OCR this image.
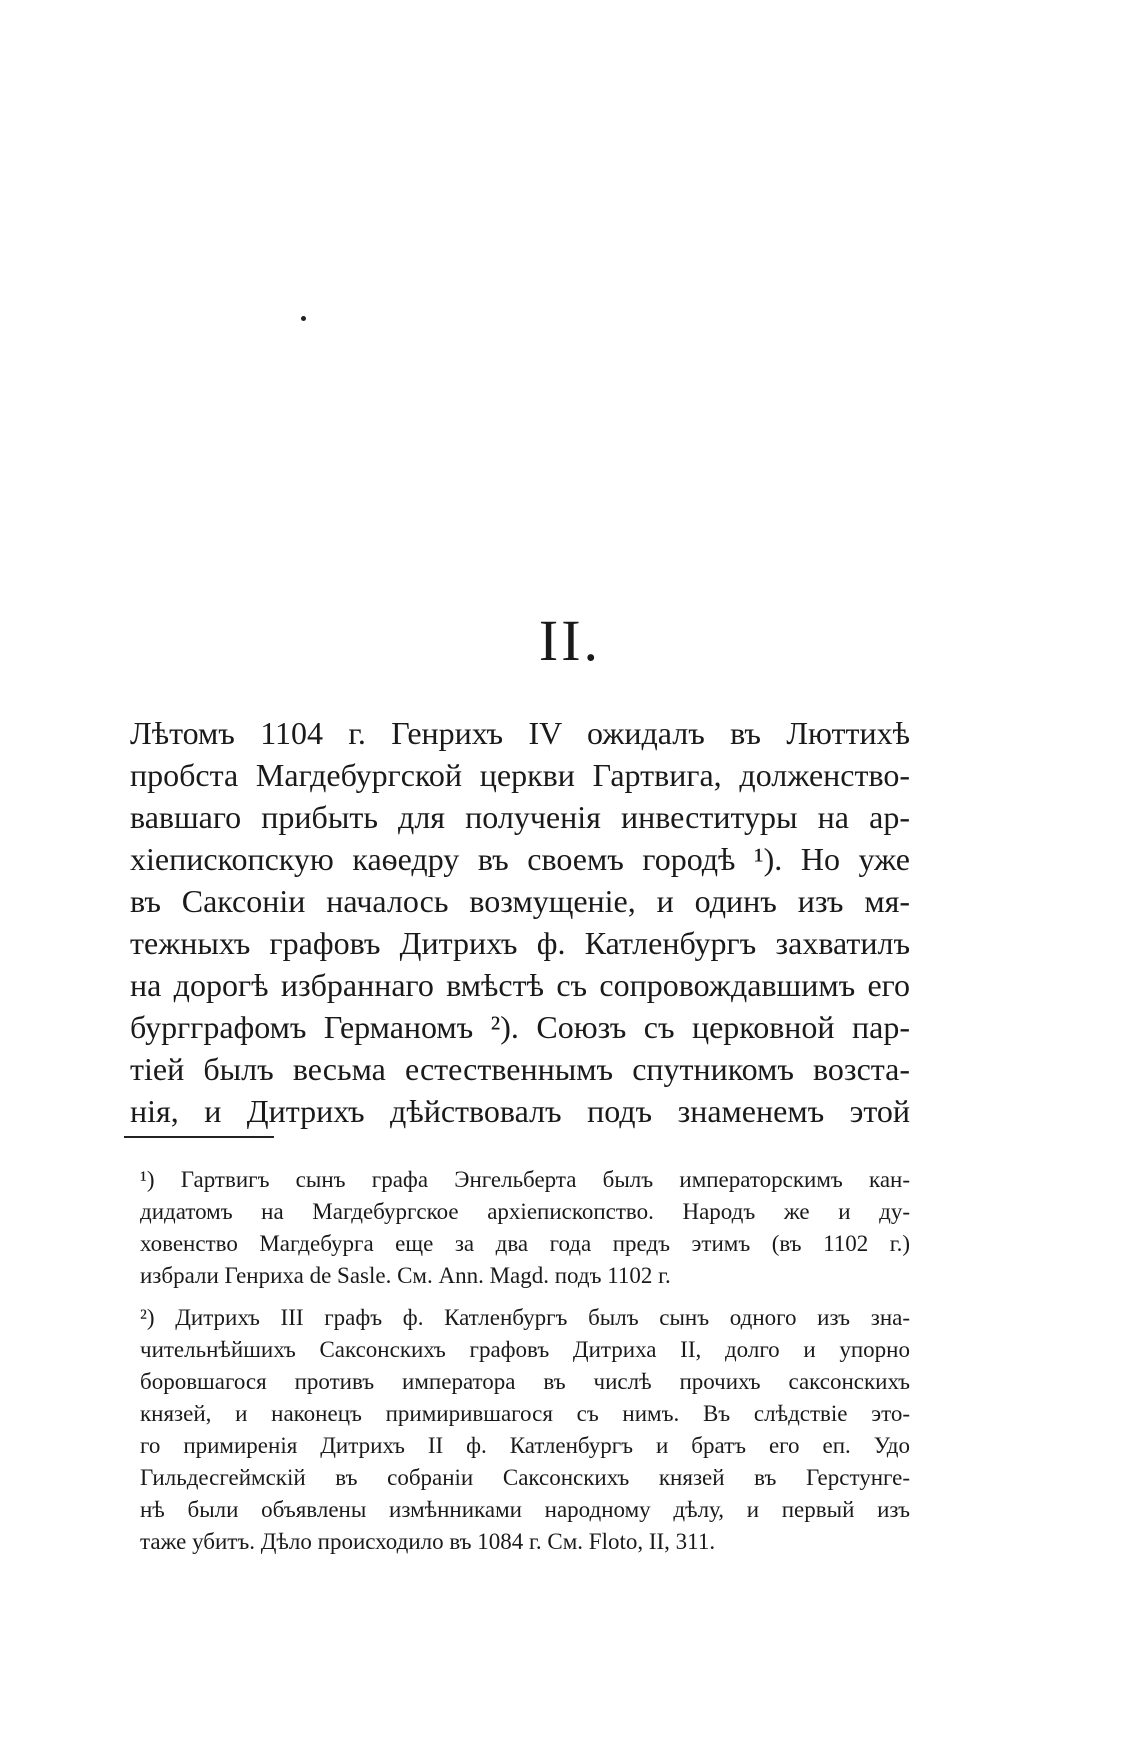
II.
Лѣтомъ 1104 г. Генрихъ IV ожидалъ въ Люттихѣ
пробста Магдебургской церкви Гартвига, долженство-
вавшаго прибыть для полученія инвеституры на ар-
хіепископскую каѳедру въ своемъ городѣ ¹). Но уже
въ Саксоніи началось возмущеніе, и одинъ изъ мя-
тежныхъ графовъ Дитрихъ ф. Катленбургъ захватилъ
на дорогѣ избраннаго вмѣстѣ съ сопровождавшимъ его
бургграфомъ Германомъ ²). Союзъ съ церковной пар-
тіей былъ весьма естественнымъ спутникомъ возста-
нія, и Дитрихъ дѣйствовалъ подъ знаменемъ этой
¹) Гартвигъ сынъ графа Энгельберта былъ императорскимъ кан-
дидатомъ на Магдебургское архіепископство. Народъ же и ду-
ховенство Магдебурга еще за два года предъ этимъ (въ 1102 г.)
избрали Генриха de Sasle. См. Ann. Magd. подъ 1102 г.
²) Дитрихъ III графъ ф. Катленбургъ былъ сынъ одного изъ зна-
чительнѣйшихъ Саксонскихъ графовъ Дитриха II, долго и упорно
боровшагося противъ императора въ числѣ прочихъ саксонскихъ
князей, и наконецъ примирившагося съ нимъ. Въ слѣдствіе это-
го примиренія Дитрихъ II ф. Катленбургъ и братъ его еп. Удо
Гильдесгеймскій въ собраніи Саксонскихъ князей въ Герстунге-
нѣ были объявлены измѣнниками народному дѣлу, и первый изъ
таже убитъ. Дѣло происходило въ 1084 г. См. Floto, II, 311.
